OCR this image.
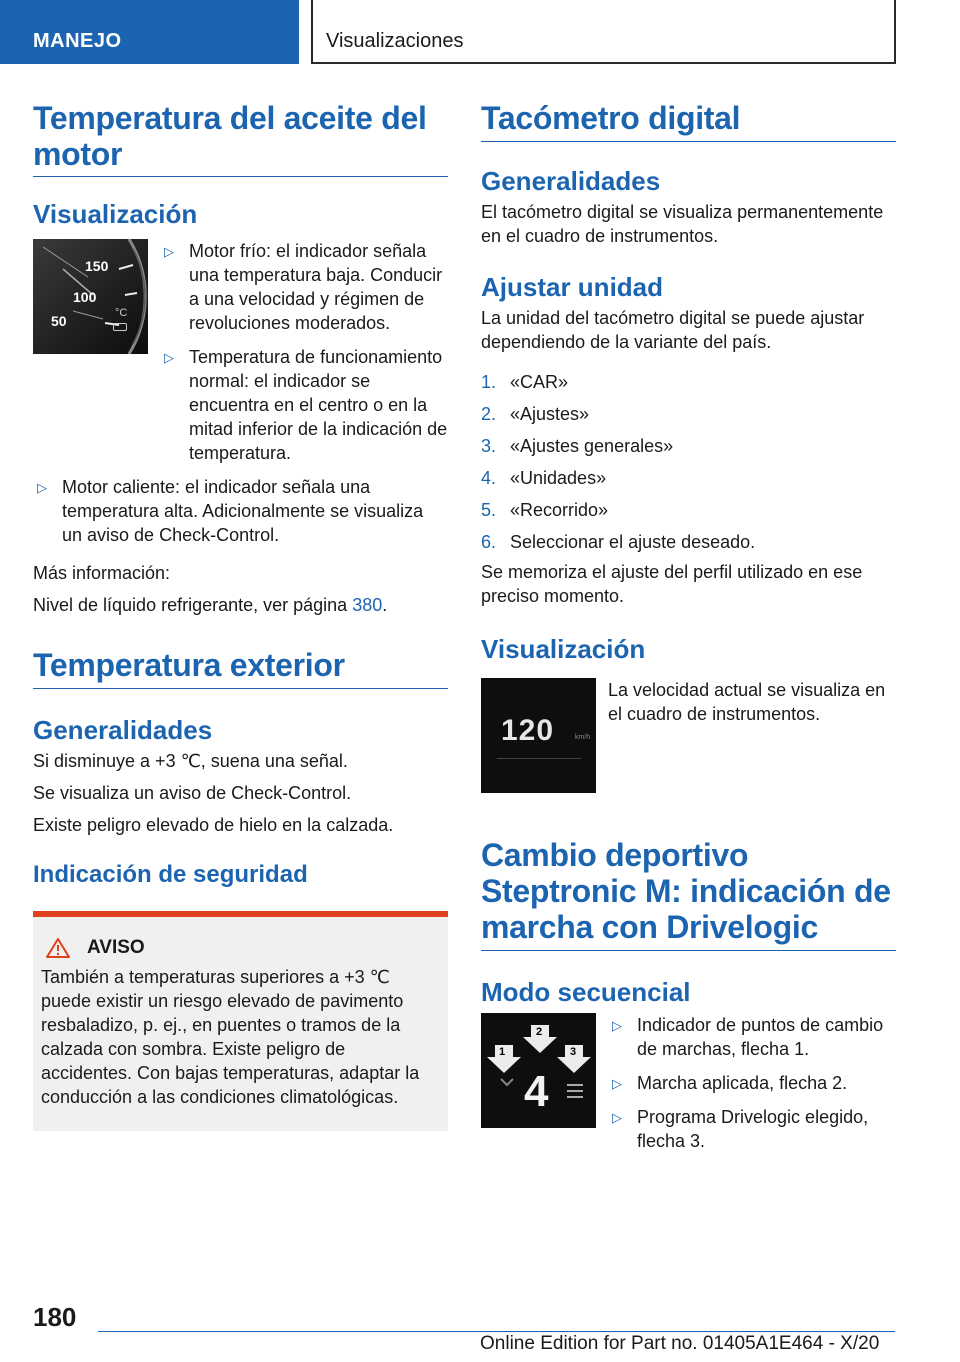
MANEJO	Visualizaciones
Temperatura del aceite del motor
Visualización
150
100
50	°C
▷ Motor frío: el indicador señala una temperatura baja. Conducir a una velocidad y régimen de revoluciones moderados.
▷ Temperatura de funcionamiento normal: el indicador se encuentra en el centro o en la mitad inferior de la indicación de temperatura.
▷ Motor caliente: el indicador señala una temperatura alta. Adicionalmente se visualiza un aviso de Check-Control.

Más información:

Nivel de líquido refrigerante, ver página 380.

Temperatura exterior
Generalidades

Si disminuye a +3 ℃, suena una señal.

Se visualiza un aviso de Check-Control.

Existe peligro elevado de hielo en la calzada.

Indicación de seguridad
AVISO

También a temperaturas superiores a +3 ℃ puede existir un riesgo elevado de pavimento resbaladizo, p. ej., en puentes o tramos de la calzada con sombra. Existe peligro de accidentes. Con bajas temperaturas, adaptar la conducción a las condiciones climatológicas.

Tacómetro digital
Generalidades

El tacómetro digital se visualiza permanentemente en el cuadro de instrumentos.

Ajustar unidad

La unidad del tacómetro digital se puede ajustar dependiendo de la variante del país.

1. «CAR»
2. «Ajustes»
3. «Ajustes generales»
4. «Unidades»
5. «Recorrido»
6. Seleccionar el ajuste deseado.

Se memoriza el ajuste del perfil utilizado en ese preciso momento.

Visualización
120	km/h

La velocidad actual se visualiza en el cuadro de instrumentos.

Cambio deportivo Steptronic M: indicación de marcha con Drivelogic
Modo secuencial
1
2
3
4
▷ Indicador de puntos de cambio de marchas, flecha 1.
▷ Marcha aplicada, flecha 2.
▷ Programa Drivelogic elegido, flecha 3.
180
Online Edition for Part no. 01405A1E464 - X/20
